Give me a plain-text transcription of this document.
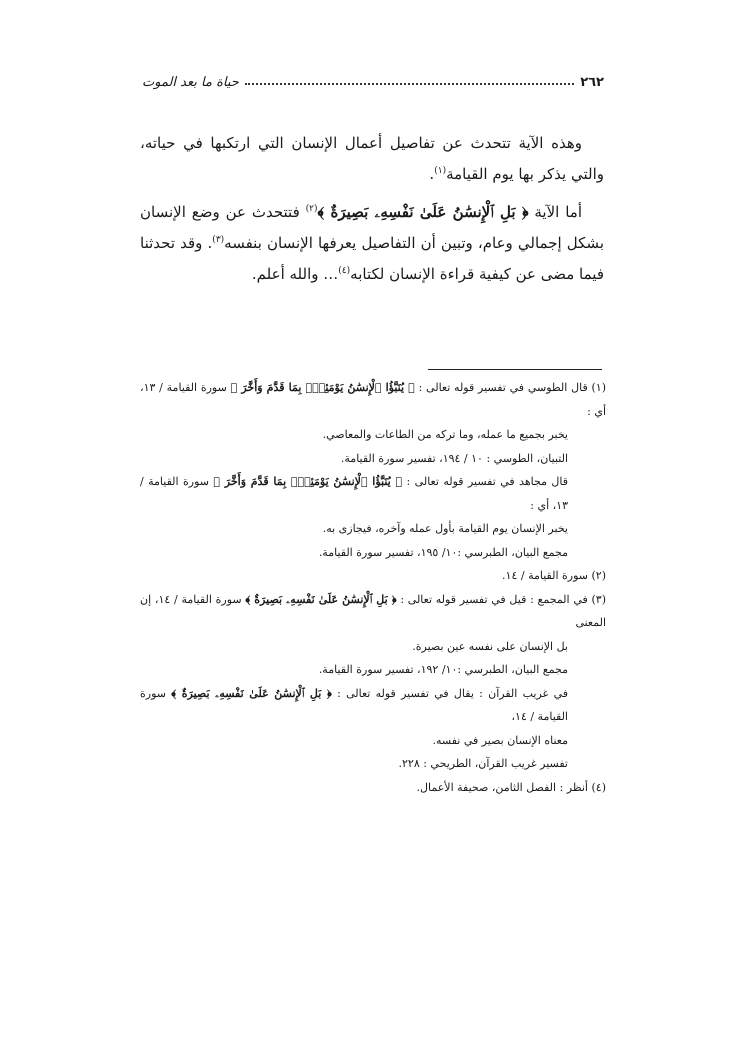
٢٦٢
حياة ما بعد الموت

وهذه الآية تتحدث عن تفاصيل أعمال الإنسان التي ارتكبها في حياته، والتي يذكر بها يوم القيامة$^{(١)}$.

أما الآية ﴿ بَلِ ٱلْإِنسَٰنُ عَلَىٰ نَفْسِهِۦ بَصِيرَةٌ ﴾$^{(٢)}$ فتتحدث عن وضع الإنسان بشكل إجمالي وعام، وتبين أن التفاصيل يعرفها الإنسان بنفسه$^{(٣)}$. وقد تحدثنا فيما مضى عن كيفية قراءة الإنسان لكتابه$^{(٤)}$… والله أعلم.

(١) قال الطوسي في تفسير قوله تعالى : ﴿ يُنَبَّؤُا ٱلْإِنسَٰنُ يَوْمَئِذٍۭ بِمَا قَدَّمَ وَأَخَّرَ ﴾ سورة القيامة / ١٣، أي :

يخبر بجميع ما عمله، وما تركه من الطاعات والمعاصي.

التبيان، الطوسي : ١٠ / ١٩٤، تفسير سورة القيامة.

قال مجاهد في تفسير قوله تعالى : ﴿ يُنَبَّؤُا ٱلْإِنسَٰنُ يَوْمَئِذٍۭ بِمَا قَدَّمَ وَأَخَّرَ ﴾ سورة القيامة / ١٣، أي :

يخبر الإنسان يوم القيامة بأول عمله وآخره، فيجازى به.

مجمع البيان، الطبرسي :١٠/ ١٩٥، تفسير سورة القيامة.

(٢) سورة القيامة / ١٤.

(٣) في المجمع : قيل في تفسير قوله تعالى : ﴿ بَلِ ٱلْإِنسَٰنُ عَلَىٰ نَفْسِهِۦ بَصِيرَةٌ ﴾ سورة القيامة / ١٤، إن المعنى

بل الإنسان على نفسه عين بصيرة.

مجمع البيان، الطبرسي :١٠/ ١٩٢، تفسير سورة القيامة.

في غريب القرآن : يقال في تفسير قوله تعالى : ﴿ بَلِ ٱلْإِنسَٰنُ عَلَىٰ نَفْسِهِۦ بَصِيرَةٌ ﴾ سورة القيامة / ١٤،

معناه الإنسان بصير في نفسه.

تفسير غريب القرآن، الطريحي : ٢٢٨.

(٤) أنظر : الفصل الثامن، صحيفة الأعمال.
